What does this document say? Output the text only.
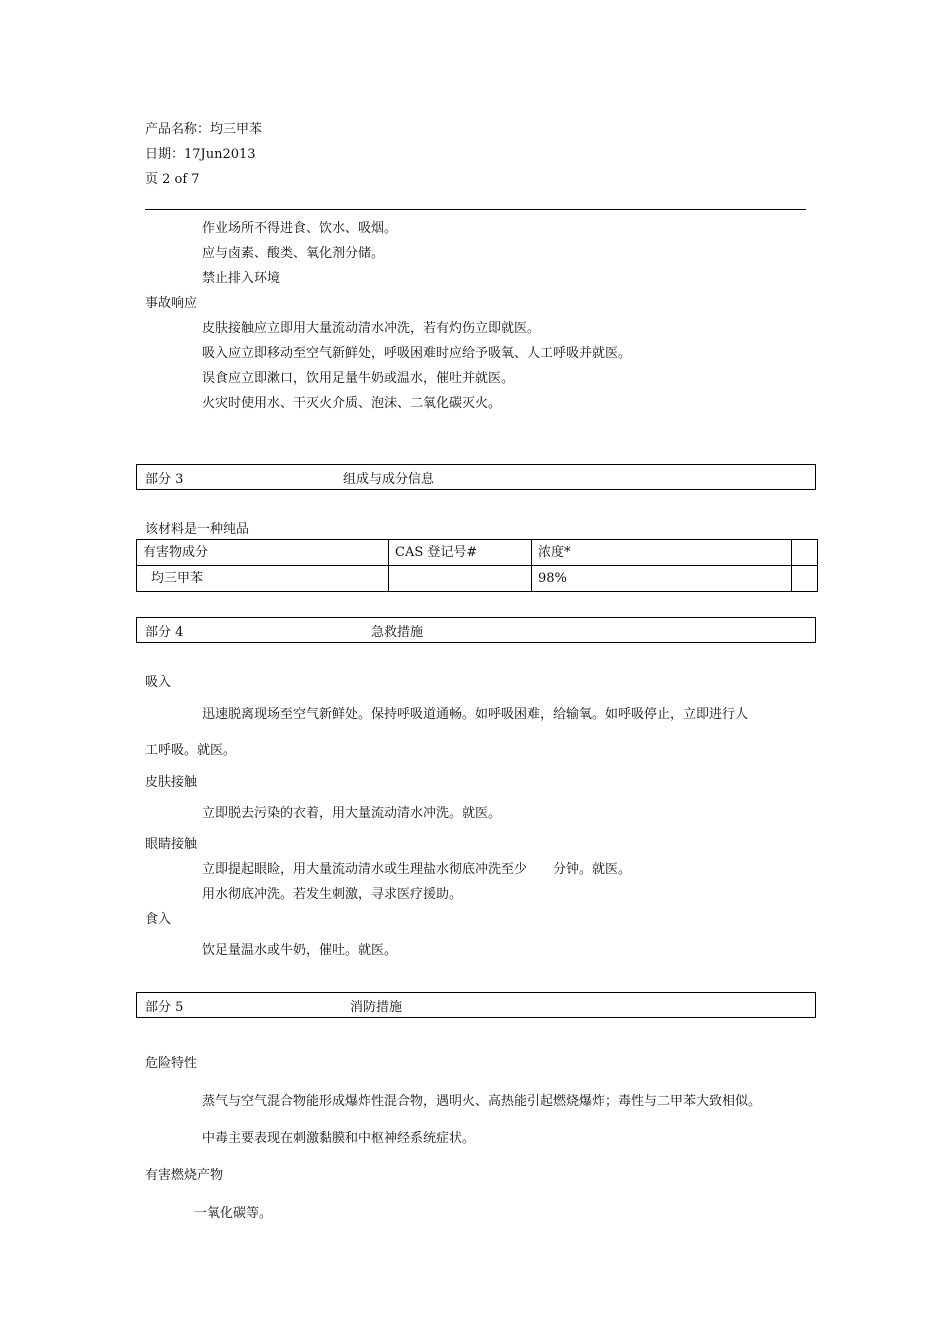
产品名称：均三甲苯
日期：17Jun2013
页 2 of 7
作业场所不得进食、饮水、吸烟。
应与卤素、酸类、氧化剂分储。
禁止排入环境
事故响应
皮肤接触应立即用大量流动清水冲洗，若有灼伤立即就医。
吸入应立即移动至空气新鲜处，呼吸困难时应给予吸氧、人工呼吸并就医。
误食应立即漱口，饮用足量牛奶或温水，催吐并就医。
火灾时使用水、干灭火介质、泡沫、二氧化碳灭火。
部分 3	组成与成分信息
该材料是一种纯品
有害物成分	CAS 登记号#	浓度*	
均三甲苯		98%	
部分 4	急救措施
吸入
迅速脱离现场至空气新鲜处。保持呼吸道通畅。如呼吸困难，给输氧。如呼吸停止，立即进行人
工呼吸。就医。
皮肤接触
立即脱去污染的衣着，用大量流动清水冲洗。就医。
眼睛接触
立即提起眼睑，用大量流动清水或生理盐水彻底冲洗至少　　分钟。就医。
用水彻底冲洗。若发生刺激，寻求医疗援助。
食入
饮足量温水或牛奶，催吐。就医。
部分 5	消防措施
危险特性
蒸气与空气混合物能形成爆炸性混合物，遇明火、高热能引起燃烧爆炸；毒性与二甲苯大致相似。
中毒主要表现在刺激黏膜和中枢神经系统症状。
有害燃烧产物
一氧化碳等。
